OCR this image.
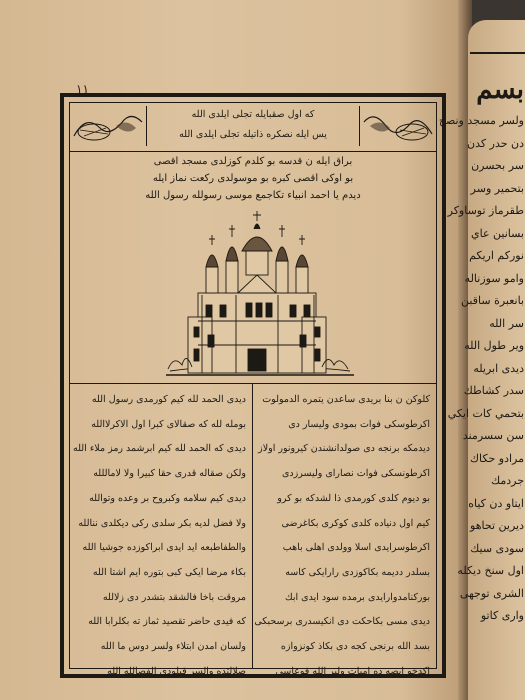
١١
كه اول صقبايله تجلى ايلدى الله
يس ايله نصكره ذاتيله تجلى ايلدى الله
براق ايله ن قدسه بو كلدم كوزلدى مسجد اقصى
بو اوكى اقصى كبره بو موسولدى ركعت نماز ايله
ديدم يا احمد انبياء تكاجمع موسى رسولله رسول الله
ديدى الحمد لله كيم كورمدى رسول الله
بومله لله كه صقالاى كبرا اول الاكرلاالله
ديدى كه الحمد لله كيم ابرشمد رمز ملاء الله
ولكن صقاله قدرى حقا كبيرا ولا لاماللله
ديدى كيم سلامه وكبروح بر وعده وتوالله
ولا فضل لديه بكر سلدى ركى ديكلدى ننالله
والطفاطبعه ايد ايدى ابراكوزده جوشيا الله
بكاء مرضا ايكى كبى بتوره ايم اشتا الله
مروقت باخا فالشقد بتشدر دى زلالله
كه فيدى حاضر تقصيد ثماز ته بكلرابا الله
ولسان امدن ابتلاء ولسر دوس ما الله
صلالتده والسر قبلودى الفصالله الله
كلوكن ن بنا بريدى ساعدن يتمره الدمولوت
اكرطوسكى فوات بمودى وليسار دى
ديدمكه برنجه دى صولدانشندن كيرونور اولاز
اكرطونسكى فوات نصاراى وليسرزدى
بو ديوم كلدى كورمدى ذا لشدكه بو كرو
كيم اول دنياده كلدى كوكرى بكاغرضى
اكرطوسرايدى اسلا وولدى اهلى باهب
بسلدر دديمه بكاكوزدى رارايكى كاسه
بوركنامدوارايدى برمده سود ايدى ابك
ديدى مسى بكاحكت دى انكيسدرى برسحبكى
بسد الله برنجى كجه دى بكاذ كونزوازه
اكدخو ابصه ده اميات ولير الله فوعاسى
بسم
ولسر مسجد ونصح
دن حدر كدن
سر بحسرن
بتحمير وسر
طقرماز توساوكر
بسانين عاي
نوركم اريكم
وامو سوزناله
بانعبرة ساقبن
سر الله
وير طول الله
ديدى ابريله
سدر كشاطك
بتحمي كات ايكي
سن سسرمند
مرادو حكاك
جردمك
ايتاو دن كياه
ديرين تحاهو
سودى سيك
اول سنخ ديكله
الشرى توجهى
وارى كاتو
